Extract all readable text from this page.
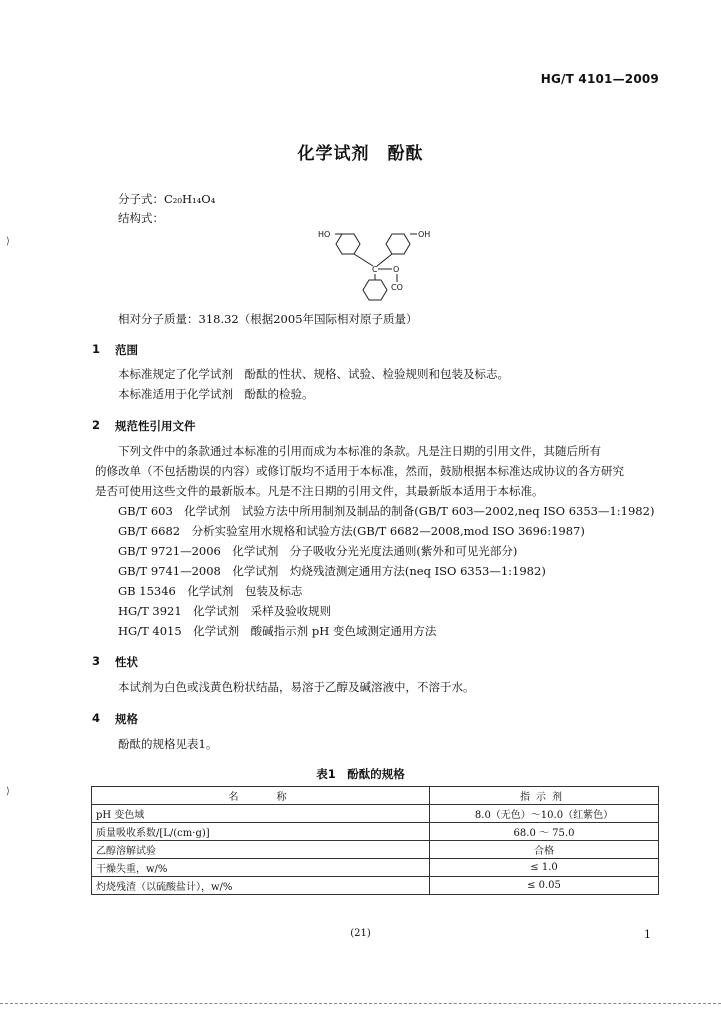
HG/T 4101—2009
化学试剂　酚酞
分子式：C₂₀H₁₄O₄
结构式：
HO	OH
C O
CO
相对分子质量：318.32（根据2005年国际相对原子质量）
1 范围
本标准规定了化学试剂　酚酞的性状、规格、试验、检验规则和包装及标志。
本标准适用于化学试剂　酚酞的检验。
2 规范性引用文件
下列文件中的条款通过本标准的引用而成为本标准的条款。凡是注日期的引用文件，其随后所有
的修改单（不包括勘误的内容）或修订版均不适用于本标准，然而，鼓励根据本标准达成协议的各方研究
是否可使用这些文件的最新版本。凡是不注日期的引用文件，其最新版本适用于本标准。
GB/T 603　化学试剂　试验方法中所用制剂及制品的制备(GB/T 603—2002,neq ISO 6353—1:1982)
GB/T 6682　分析实验室用水规格和试验方法(GB/T 6682—2008,mod ISO 3696:1987)
GB/T 9721—2006　化学试剂　分子吸收分光光度法通则(紫外和可见光部分)
GB/T 9741—2008　化学试剂　灼烧残渣测定通用方法(neq ISO 6353—1:1982)
GB 15346　化学试剂　包装及标志
HG/T 3921　化学试剂　采样及验收规则
HG/T 4015　化学试剂　酸碱指示剂 pH 变色域测定通用方法
3 性状
本试剂为白色或浅黄色粉状结晶，易溶于乙醇及碱溶液中，不溶于水。
4 规格
酚酞的规格见表1。
表1　酚酞的规格
名　　称	指示剂
pH 变色域	8.0（无色）～10.0（红紫色）
质量吸收系数/[L/(cm·g)]	68.0 ～ 75.0
乙醇溶解试验	合格
干燥失重，w/%	≤ 1.0
灼烧残渣（以硫酸盐计），w/%	≤ 0.05
(21)	1
⟩
⟩
